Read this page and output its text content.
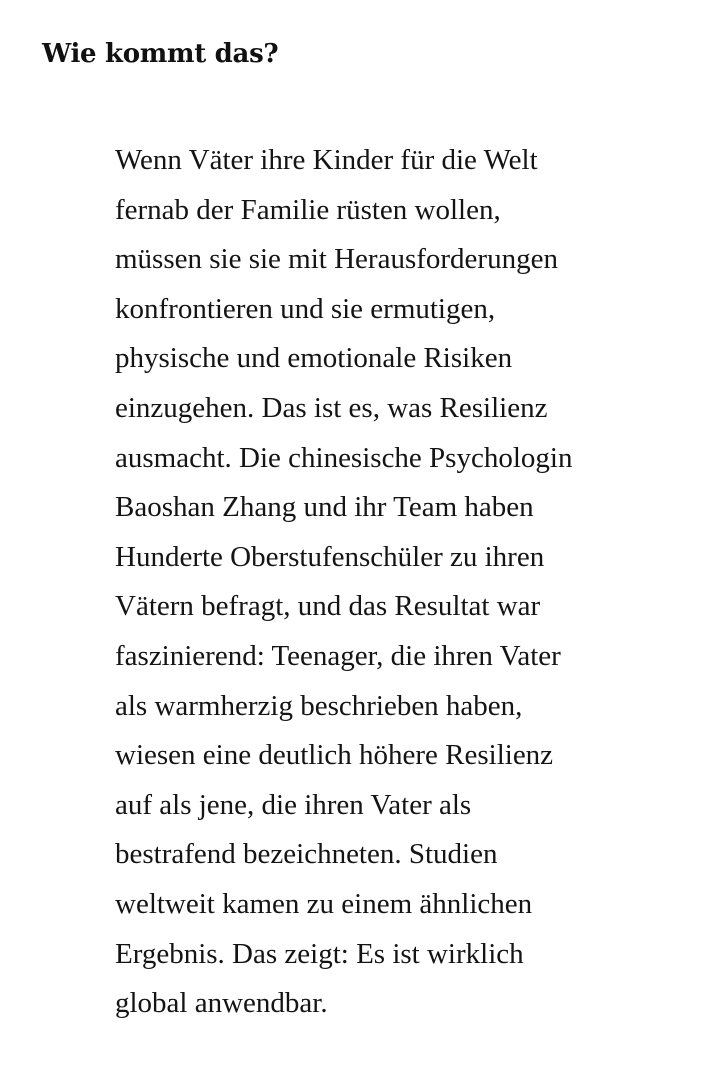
Wie kommt das?
Wenn Väter ihre Kinder für die Welt
fernab der Familie rüsten wollen,
müssen sie sie mit Herausforderungen
konfrontieren und sie ermutigen,
physische und emotionale Risiken
einzugehen. Das ist es, was Resilienz
ausmacht. Die chinesische Psychologin
Baoshan Zhang und ihr Team haben
Hunderte Oberstufenschüler zu ihren
Vätern befragt, und das Resultat war
faszinierend: Teenager, die ihren Vater
als warmherzig beschrieben haben,
wiesen eine deutlich höhere Resilienz
auf als jene, die ihren Vater als
bestrafend bezeichneten. Studien
weltweit kamen zu einem ähnlichen
Ergebnis. Das zeigt: Es ist wirklich
global anwendbar.
